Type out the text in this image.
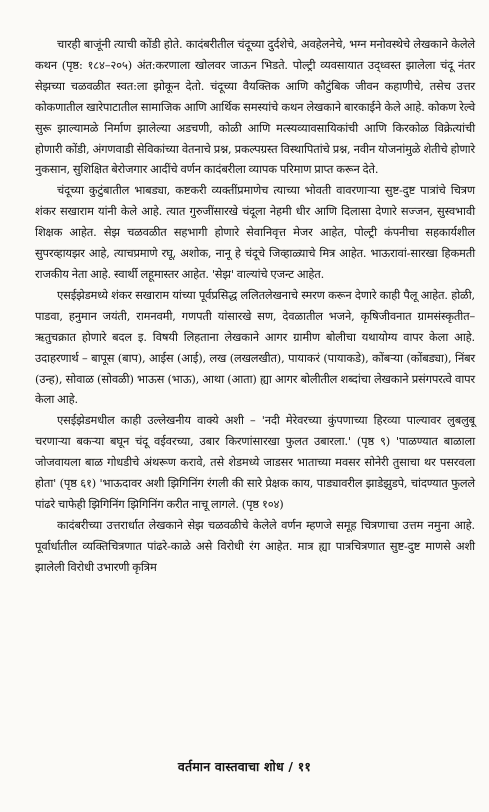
चारही बाजूंनी त्याची कोंडी होते. कादंबरीतील चंदूच्या दुर्दशेचे, अवहेलनेचे, भग्न मनोवस्थेचे लेखकाने केलेले कथन (पृष्ठ: १८४–२०५) अंत:करणाला खोलवर जाऊन भिडते. पोल्ट्री व्यवसायात उद्‌ध्वस्त झालेला चंदू नंतर सेझच्या चळवळीत स्वत:ला झोकून देतो. चंदूच्या वैयक्तिक आणि कौटुंबिक जीवन कहाणीचे, तसेच उत्तर कोकणातील खारेपाटातील सामाजिक आणि आर्थिक समस्यांचे कथन लेखकाने बारकाईने केले आहे. कोकण रेल्वे सुरू झाल्यामळे निर्माण झालेल्या अडचणी, कोळी आणि मत्स्यव्यावसायिकांची आणि किरकोळ विक्रेत्यांची होणारी कोंडी, अंगणवाडी सेविकांच्या वेतनाचे प्रश्न, प्रकल्पग्रस्त विस्थापितांचे प्रश्न, नवीन योजनांमुळे शेतीचे होणारे नुकसान, सुशिक्षित बेरोजगार आदींचे वर्णन कादंबरीला व्यापक परिमाण प्राप्त करून देते.

चंदूच्या कुटुंबातील भाबड्या, कष्टकरी व्यक्तींप्रमाणेच त्याच्या भोवती वावरणाऱ्या सुष्ट-दुष्ट पात्रांचे चित्रण शंकर सखाराम यांनी केले आहे. त्यात गुरुजींसारखे चंदूला नेहमी धीर आणि दिलासा देणारे सज्जन, सुस्वभावी शिक्षक आहेत. सेझ चळवळीत सहभागी होणारे सेवानिवृत्त मेजर आहेत, पोल्ट्री कंपनीचा सहकार्यशील सुपरव्हायझर आहे, त्याचप्रमाणे रघू, अशोक, नानू हे चंदूचे जिव्हाळ्याचे मित्र आहेत. भाऊरावां-सारखा हिकमती राजकीय नेता आहे. स्वार्थी लहूमास्तर आहेत. 'सेझ' वाल्यांचे एजन्ट आहेत.

एसईझेडमध्ये शंकर सखाराम यांच्या पूर्वप्रसिद्ध ललितलेखनाचे स्मरण करून देणारे काही पैलू आहेत. होळी, पाडवा, हनुमान जयंती, रामनवमी, गणपती यांसारखे सण, देवळातील भजने, कृषिजीवनात ग्रामसंस्कृतीत–ऋतुचक्रात होणारे बदल इ. विषयी लिहताना लेखकाने आगर ग्रामीण बोलीचा यथायोग्य वापर केला आहे. उदाहरणार्थ – बापूस (बाप), आईस (आई), लख (लखलखीत), पायाकरं (पायाकडे), कोंबऱ्या (कोंबड्या), निंबर (उन्ह), सोवाळ (सोवळी) भाऊस (भाऊ), आथा (आता) ह्या आगर बोलीतील शब्दांचा लेखकाने प्रसंगपरत्वे वापर केला आहे.

एसईझेडमधील काही उल्लेखनीय वाक्ये अशी – 'नदी मेरेवरच्या कुंपणाच्या हिरव्या पाल्यावर लुबलुबू चरणाऱ्या बकऱ्या बघून चंदू वईवरच्या, उबार किरणांसारखा फुलत उबारला.' (पृष्ठ ९) 'पाळण्यात बाळाला जोजवायला बाळ गोधडीचे अंथरूण करावे, तसे शेडमध्ये जाडसर भाताच्या मवसर सोनेरी तुसाचा थर पसरवला होता' (पृष्ठ ६१) 'भाऊदावर अशी झिगिनिंग रंगली की सारे प्रेक्षक काय, पाड्यावरील झाडेझुडपे, चांदण्यात फुलले पांढरे चाफेही झिगिनिंग झिगिनिंग करीत नाचू लागले. (पृष्ठ १०४)

कादंबरीच्या उत्तरार्धात लेखकाने सेझ चळवळीचे केलेले वर्णन म्हणजे समूह चित्रणाचा उत्तम नमुना आहे. पूर्वार्धातील व्यक्तिचित्रणात पांढरे-काळे असे विरोधी रंग आहेत. मात्र ह्या पात्रचित्रणात सुष्ट-दुष्ट माणसे अशी झालेली विरोधी उभारणी कृत्रिम

वर्तमान वास्तवाचा शोध / ११
